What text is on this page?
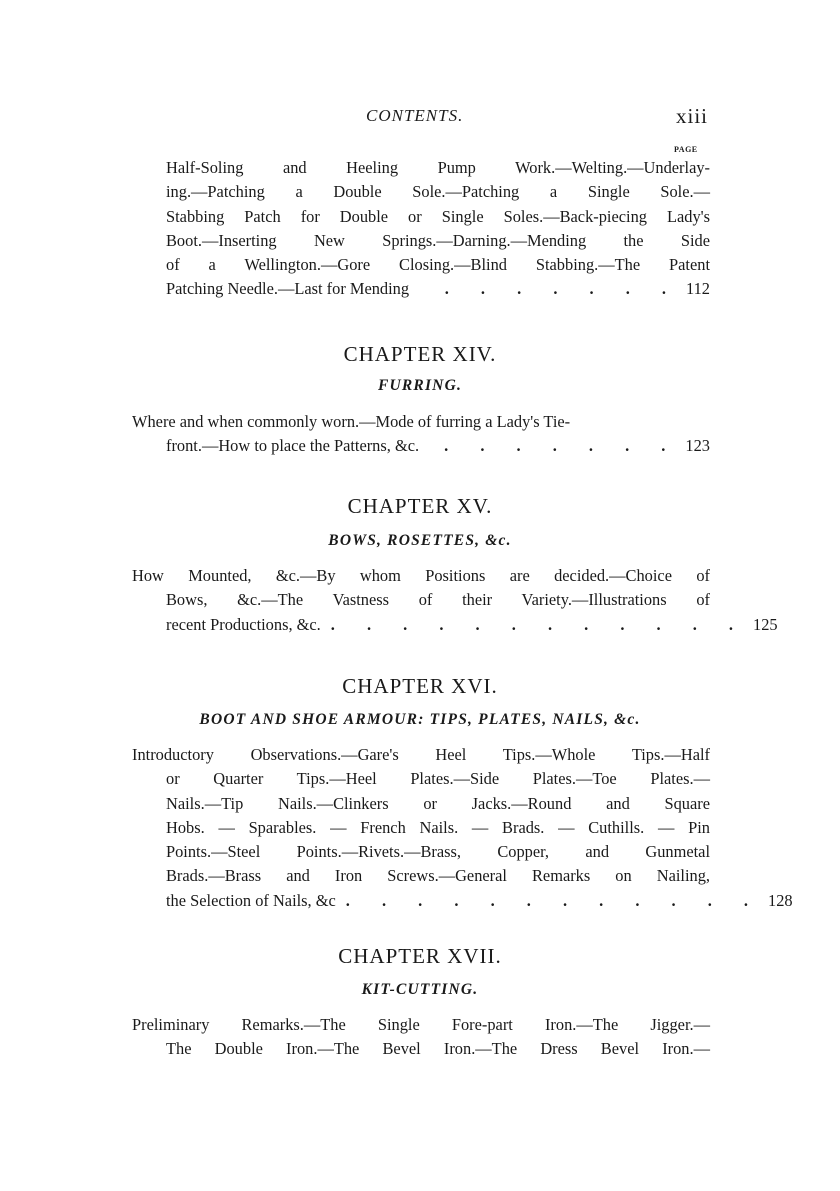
CONTENTS.	xiii
PAGE
Half-Soling and Heeling Pump Work.—Welting.—Underlay-
ing.—Patching a Double Sole.—Patching a Single Sole.—
Stabbing Patch for Double or Single Soles.—Back-piecing Lady's
Boot.—Inserting New Springs.—Darning.—Mending the Side
of a Wellington.—Gore Closing.—Blind Stabbing.—The Patent
Patching Needle.—Last for Mending	. . . . . . . 112
CHAPTER XIV.
FURRING.
Where and when commonly worn.—Mode of furring a Lady's Tie-
front.—How to place the Patterns, &c.	. . . . . . . 123
CHAPTER XV.
BOWS, ROSETTES, &c.
How Mounted, &c.—By whom Positions are decided.—Choice of
Bows, &c.—The Vastness of their Variety.—Illustrations of
recent Productions, &c. . . . . . . . . . . . . 125
CHAPTER XVI.
BOOT AND SHOE ARMOUR: TIPS, PLATES, NAILS, &c.
Introductory Observations.—Gare's Heel Tips.—Whole Tips.—Half
or Quarter Tips.—Heel Plates.—Side Plates.—Toe Plates.—
Nails.—Tip Nails.—Clinkers or Jacks.—Round and Square
Hobs. — Sparables. — French Nails. — Brads. — Cuthills. — Pin
Points.—Steel Points.—Rivets.—Brass, Copper, and Gunmetal
Brads.—Brass and Iron Screws.—General Remarks on Nailing,
the Selection of Nails, &c . . . . . . . . . . . . 128
CHAPTER XVII.
KIT-CUTTING.
Preliminary Remarks.—The Single Fore-part Iron.—The Jigger.—
The Double Iron.—The Bevel Iron.—The Dress Bevel Iron.—
